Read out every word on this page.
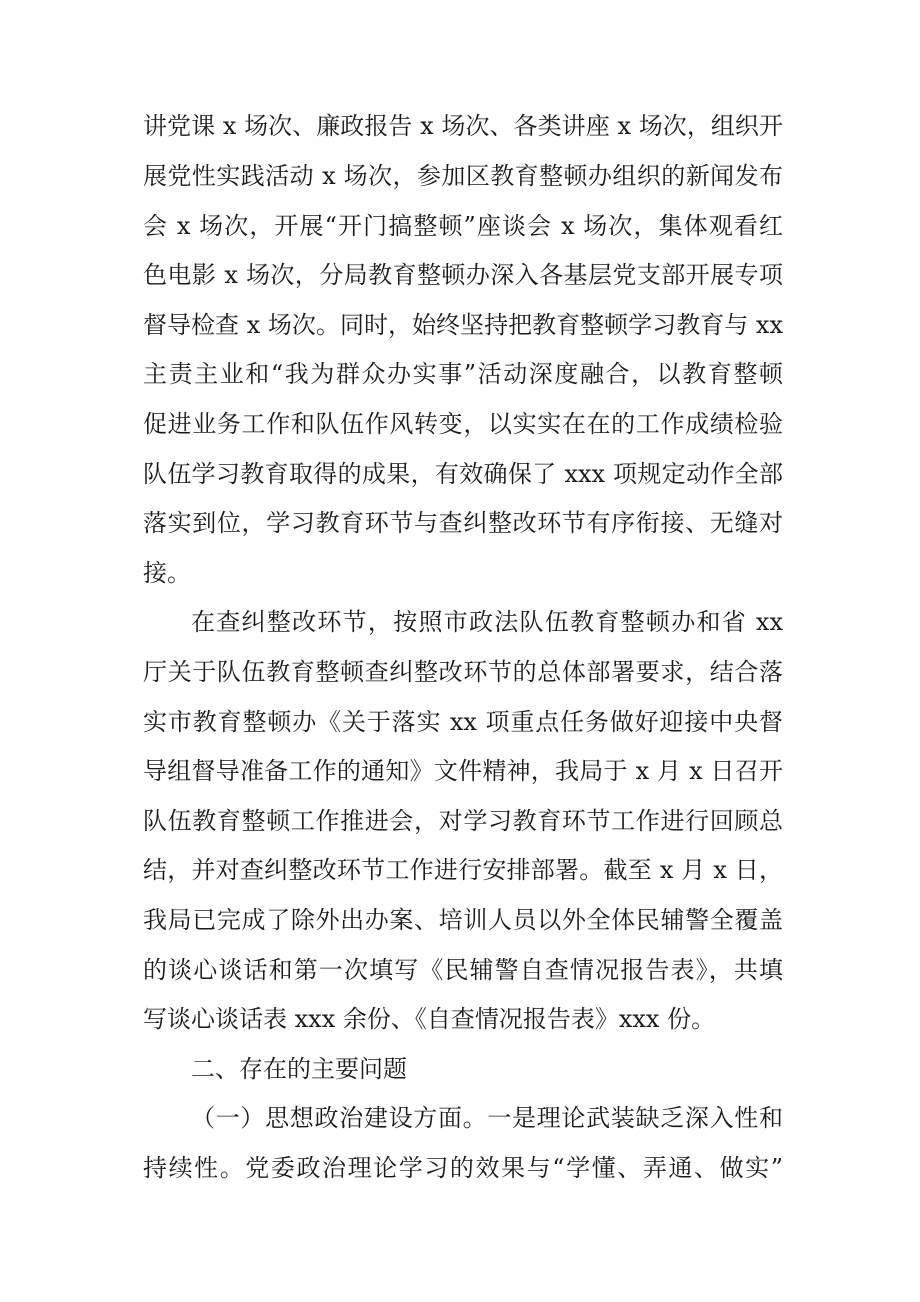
讲党课 x 场次、廉政报告 x 场次、各类讲座 x 场次，组织开
展党性实践活动 x 场次，参加区教育整顿办组织的新闻发布
会 x 场次，开展“开门搞整顿”座谈会 x 场次，集体观看红
色电影 x 场次，分局教育整顿办深入各基层党支部开展专项
督导检查 x 场次。同时，始终坚持把教育整顿学习教育与 xx
主责主业和“我为群众办实事”活动深度融合，以教育整顿
促进业务工作和队伍作风转变，以实实在在的工作成绩检验
队伍学习教育取得的成果，有效确保了 xxx 项规定动作全部
落实到位，学习教育环节与查纠整改环节有序衔接、无缝对
接。
在查纠整改环节，按照市政法队伍教育整顿办和省 xx
厅关于队伍教育整顿查纠整改环节的总体部署要求，结合落
实市教育整顿办《关于落实 xx 项重点任务做好迎接中央督
导组督导准备工作的通知》文件精神，我局于 x 月 x 日召开
队伍教育整顿工作推进会，对学习教育环节工作进行回顾总
结，并对查纠整改环节工作进行安排部署。截至 x 月 x 日，
我局已完成了除外出办案、培训人员以外全体民辅警全覆盖
的谈心谈话和第一次填写《民辅警自查情况报告表》，共填
写谈心谈话表 xxx 余份、《自查情况报告表》xxx 份。
二、存在的主要问题
（一）思想政治建设方面。一是理论武装缺乏深入性和
持续性。党委政治理论学习的效果与“学懂、弄通、做实”
